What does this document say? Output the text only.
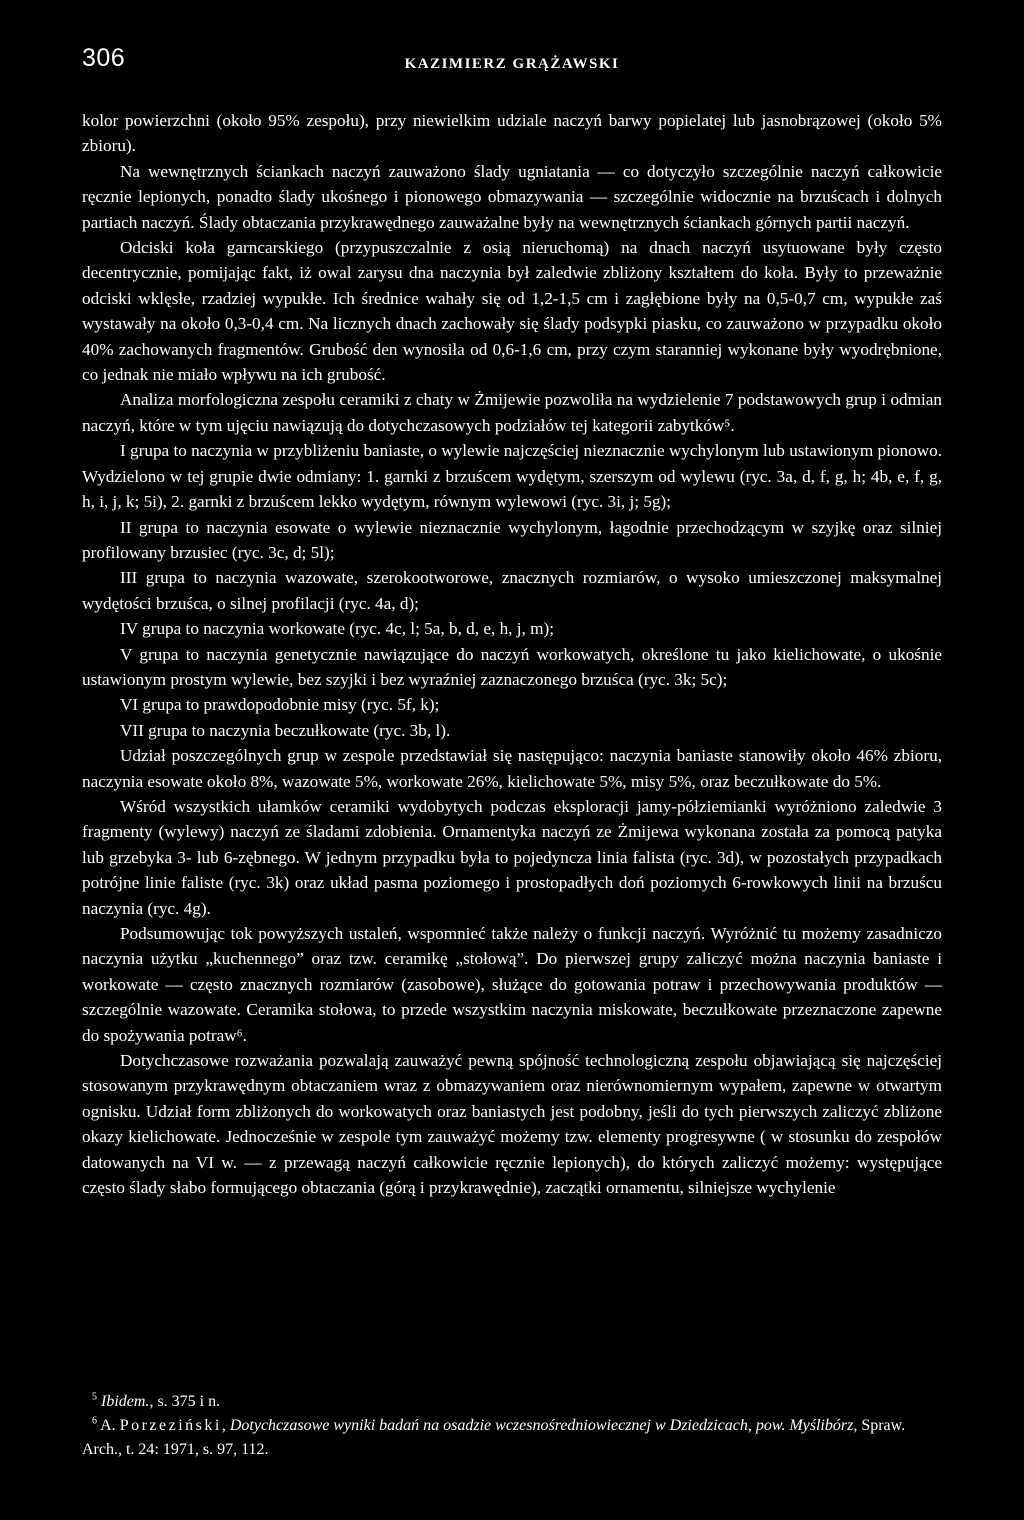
306	KAZIMIERZ GRĄŻAWSKI

kolor powierzchni (około 95% zespołu), przy niewielkim udziale naczyń barwy popielatej lub jasnobrązowej (około 5% zbioru).

Na wewnętrznych ściankach naczyń zauważono ślady ugniatania — co dotyczyło szczególnie naczyń całkowicie ręcznie lepionych, ponadto ślady ukośnego i pionowego obmazywania — szczególnie widocznie na brzuścach i dolnych partiach naczyń. Ślady obtaczania przykrawędnego zauważalne były na wewnętrznych ściankach górnych partii naczyń.

Odciski koła garncarskiego (przypuszczalnie z osią nieruchomą) na dnach naczyń usytuowane były często decentrycznie, pomijając fakt, iż owal zarysu dna naczynia był zaledwie zbliżony kształtem do koła. Były to przeważnie odciski wklęsłe, rzadziej wypukłe. Ich średnice wahały się od 1,2-1,5 cm i zagłębione były na 0,5-0,7 cm, wypukłe zaś wystawały na około 0,3-0,4 cm. Na licznych dnach zachowały się ślady podsypki piasku, co zauważono w przypadku około 40% zachowanych fragmentów. Grubość den wynosiła od 0,6-1,6 cm, przy czym staranniej wykonane były wyodrębnione, co jednak nie miało wpływu na ich grubość.

Analiza morfologiczna zespołu ceramiki z chaty w Żmijewie pozwoliła na wydzielenie 7 podstawowych grup i odmian naczyń, które w tym ujęciu nawiązują do dotychczasowych podziałów tej kategorii zabytków⁵.

I grupa to naczynia w przybliżeniu baniaste, o wylewie najczęściej nieznacznie wychylonym lub ustawionym pionowo. Wydzielono w tej grupie dwie odmiany: 1. garnki z brzuścem wydętym, szerszym od wylewu (ryc. 3a, d, f, g, h; 4b, e, f, g, h, i, j, k; 5i), 2. garnki z brzuścem lekko wydętym, równym wylewowi (ryc. 3i, j; 5g);

II grupa to naczynia esowate o wylewie nieznacznie wychylonym, łagodnie przechodzącym w szyjkę oraz silniej profilowany brzusiec (ryc. 3c, d; 5l);

III grupa to naczynia wazowate, szerokootworowe, znacznych rozmiarów, o wysoko umieszczonej maksymalnej wydętości brzuśca, o silnej profilacji (ryc. 4a, d);

IV grupa to naczynia workowate (ryc. 4c, l; 5a, b, d, e, h, j, m);

V grupa to naczynia genetycznie nawiązujące do naczyń workowatych, określone tu jako kielichowate, o ukośnie ustawionym prostym wylewie, bez szyjki i bez wyraźniej zaznaczonego brzuśca (ryc. 3k; 5c);

VI grupa to prawdopodobnie misy (ryc. 5f, k);

VII grupa to naczynia beczułkowate (ryc. 3b, l).

Udział poszczególnych grup w zespole przedstawiał się następująco: naczynia baniaste stanowiły około 46% zbioru, naczynia esowate około 8%, wazowate 5%, workowate 26%, kielichowate 5%, misy 5%, oraz beczułkowate do 5%.

Wśród wszystkich ułamków ceramiki wydobytych podczas eksploracji jamy-półziemianki wyróżniono zaledwie 3 fragmenty (wylewy) naczyń ze śladami zdobienia. Ornamentyka naczyń ze Żmijewa wykonana została za pomocą patyka lub grzebyka 3- lub 6-zębnego. W jednym przypadku była to pojedyncza linia falista (ryc. 3d), w pozostałych przypadkach potrójne linie faliste (ryc. 3k) oraz układ pasma poziomego i prostopadłych doń poziomych 6-rowkowych linii na brzuścu naczynia (ryc. 4g).

Podsumowując tok powyższych ustaleń, wspomnieć także należy o funkcji naczyń. Wyróżnić tu możemy zasadniczo naczynia użytku „kuchennego” oraz tzw. ceramikę „stołową”. Do pierwszej grupy zaliczyć można naczynia baniaste i workowate — często znacznych rozmiarów (zasobowe), służące do gotowania potraw i przechowywania produktów — szczególnie wazowate. Ceramika stołowa, to przede wszystkim naczynia miskowate, beczułkowate przeznaczone zapewne do spożywania potraw⁶.

Dotychczasowe rozważania pozwalają zauważyć pewną spójność technologiczną zespołu objawiającą się najczęściej stosowanym przykrawędnym obtaczaniem wraz z obmazywaniem oraz nierównomiernym wypałem, zapewne w otwartym ognisku. Udział form zbliżonych do workowatych oraz baniastych jest podobny, jeśli do tych pierwszych zaliczyć zbliżone okazy kielichowate. Jednocześnie w zespole tym zauważyć możemy tzw. elementy progresywne ( w stosunku do zespołów datowanych na VI w. — z przewagą naczyń całkowicie ręcznie lepionych), do których zaliczyć możemy: występujące często ślady słabo formującego obtaczania (górą i przykrawędnie), zaczątki ornamentu, silniejsze wychylenie

$^5$ Ibidem., s. 375 i n.

$^6$ A. Porzeziński, Dotychczasowe wyniki badań na osadzie wczesnośredniowiecznej w Dziedzicach, pow. Myślibórz, Spraw. Arch., t. 24: 1971, s. 97, 112.
